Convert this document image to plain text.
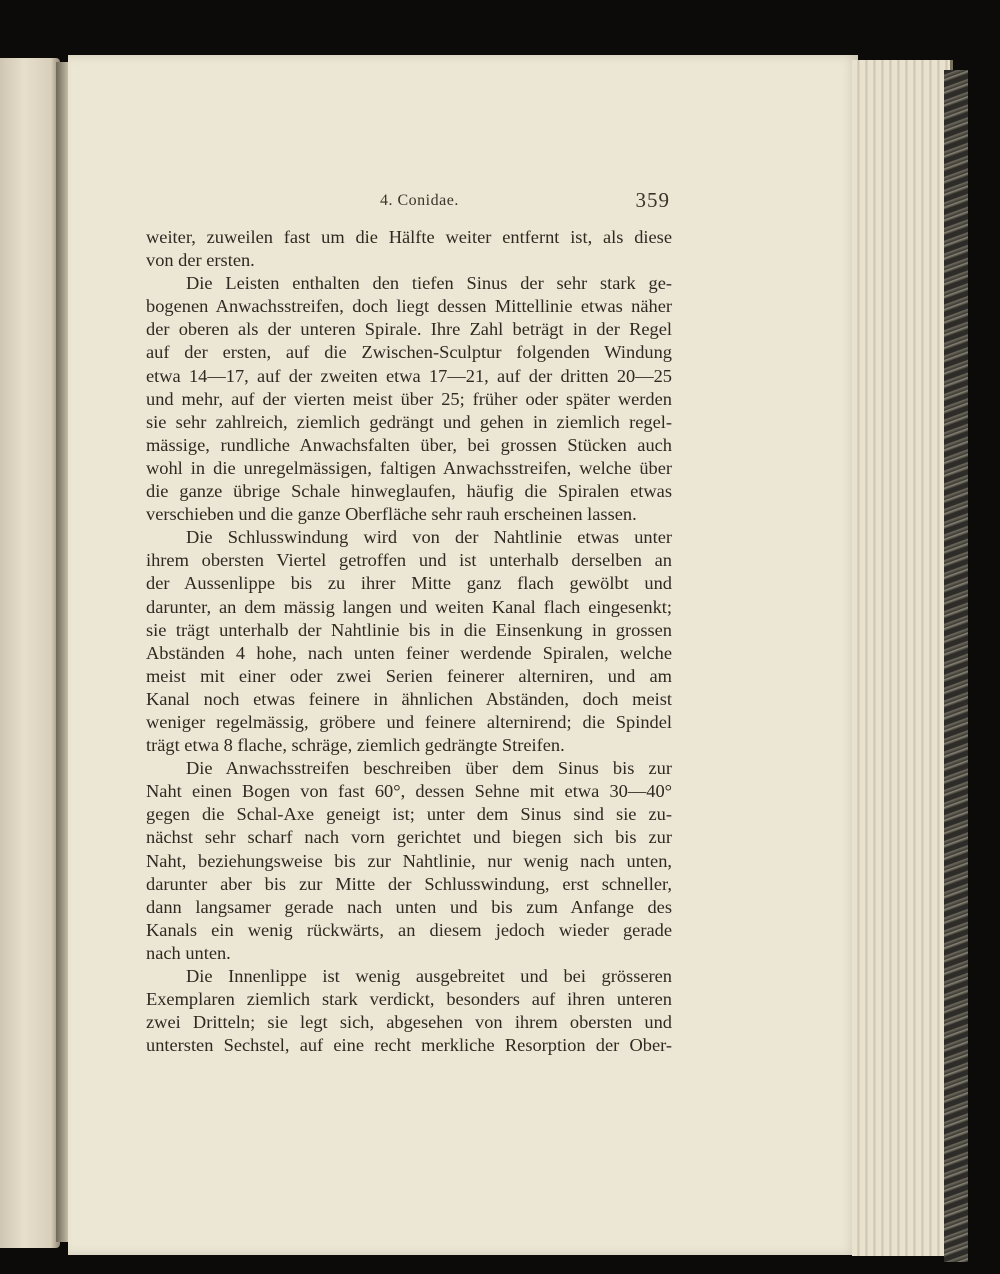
4. Conidae.	359
weiter, zuweilen fast um die Hälfte weiter entfernt ist, als diese
von der ersten.
Die Leisten enthalten den tiefen Sinus der sehr stark ge-
bogenen Anwachsstreifen, doch liegt dessen Mittellinie etwas näher
der oberen als der unteren Spirale. Ihre Zahl beträgt in der Regel
auf der ersten, auf die Zwischen-Sculptur folgenden Windung
etwa 14—17, auf der zweiten etwa 17—21, auf der dritten 20—25
und mehr, auf der vierten meist über 25; früher oder später werden
sie sehr zahlreich, ziemlich gedrängt und gehen in ziemlich regel-
mässige, rundliche Anwachsfalten über, bei grossen Stücken auch
wohl in die unregelmässigen, faltigen Anwachsstreifen, welche über
die ganze übrige Schale hinweglaufen, häufig die Spiralen etwas
verschieben und die ganze Oberfläche sehr rauh erscheinen lassen.
Die Schlusswindung wird von der Nahtlinie etwas unter
ihrem obersten Viertel getroffen und ist unterhalb derselben an
der Aussenlippe bis zu ihrer Mitte ganz flach gewölbt und
darunter, an dem mässig langen und weiten Kanal flach eingesenkt;
sie trägt unterhalb der Nahtlinie bis in die Einsenkung in grossen
Abständen 4 hohe, nach unten feiner werdende Spiralen, welche
meist mit einer oder zwei Serien feinerer alterniren, und am
Kanal noch etwas feinere in ähnlichen Abständen, doch meist
weniger regelmässig, gröbere und feinere alternirend; die Spindel
trägt etwa 8 flache, schräge, ziemlich gedrängte Streifen.
Die Anwachsstreifen beschreiben über dem Sinus bis zur
Naht einen Bogen von fast 60°, dessen Sehne mit etwa 30—40°
gegen die Schal-Axe geneigt ist; unter dem Sinus sind sie zu-
nächst sehr scharf nach vorn gerichtet und biegen sich bis zur
Naht, beziehungsweise bis zur Nahtlinie, nur wenig nach unten,
darunter aber bis zur Mitte der Schlusswindung, erst schneller,
dann langsamer gerade nach unten und bis zum Anfange des
Kanals ein wenig rückwärts, an diesem jedoch wieder gerade
nach unten.
Die Innenlippe ist wenig ausgebreitet und bei grösseren
Exemplaren ziemlich stark verdickt, besonders auf ihren unteren
zwei Dritteln; sie legt sich, abgesehen von ihrem obersten und
untersten Sechstel, auf eine recht merkliche Resorption der Ober-
